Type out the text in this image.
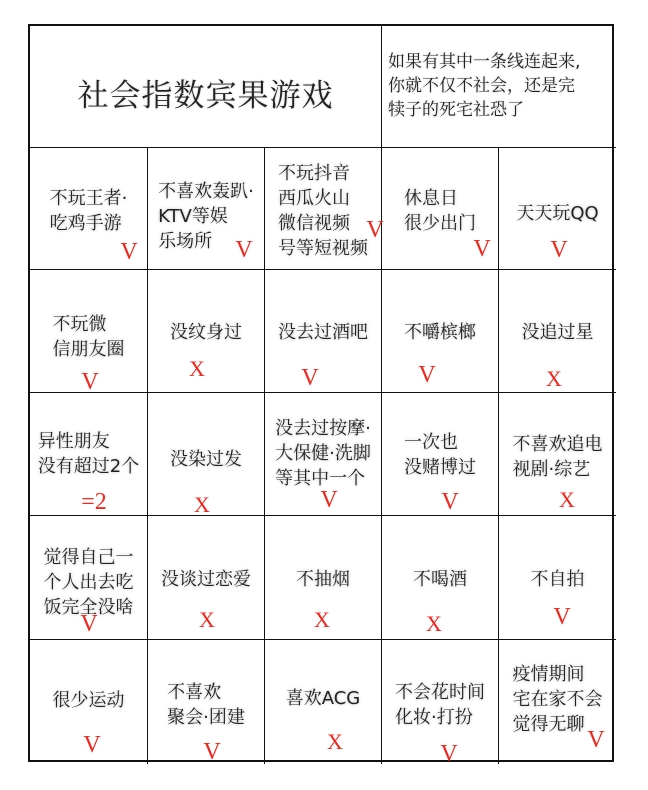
社会指数宾果游戏
如果有其中一条线连起来,
你就不仅不社会，还是完
犊子的死宅社恐了
不玩王者·
吃鸡手游
V
不喜欢轰趴·
KTV等娱
乐场所 V
不玩抖音
西瓜火山
微信视频
号等短视频
V
休息日
很少出门
V
天天玩QQ
V
不玩微
信朋友圈
V
没纹身过
X
没去过酒吧
V
不嚼槟榔
V
没追过星
X
异性朋友
没有超过2个
=2
没染过发
X
没去过按摩·
大保健·洗脚
等其中一个
V
一次也
没赌博过
V
不喜欢追电
视剧·综艺
X
觉得自己一
个人出去吃
饭完全没啥
V
没谈过恋爱
X
不抽烟
X
不喝酒
X
不自拍
V
很少运动
V
不喜欢
聚会·团建
V
喜欢ACG
X
不会花时间
化妆·打扮
V
疫情期间
宅在家不会
觉得无聊
V
